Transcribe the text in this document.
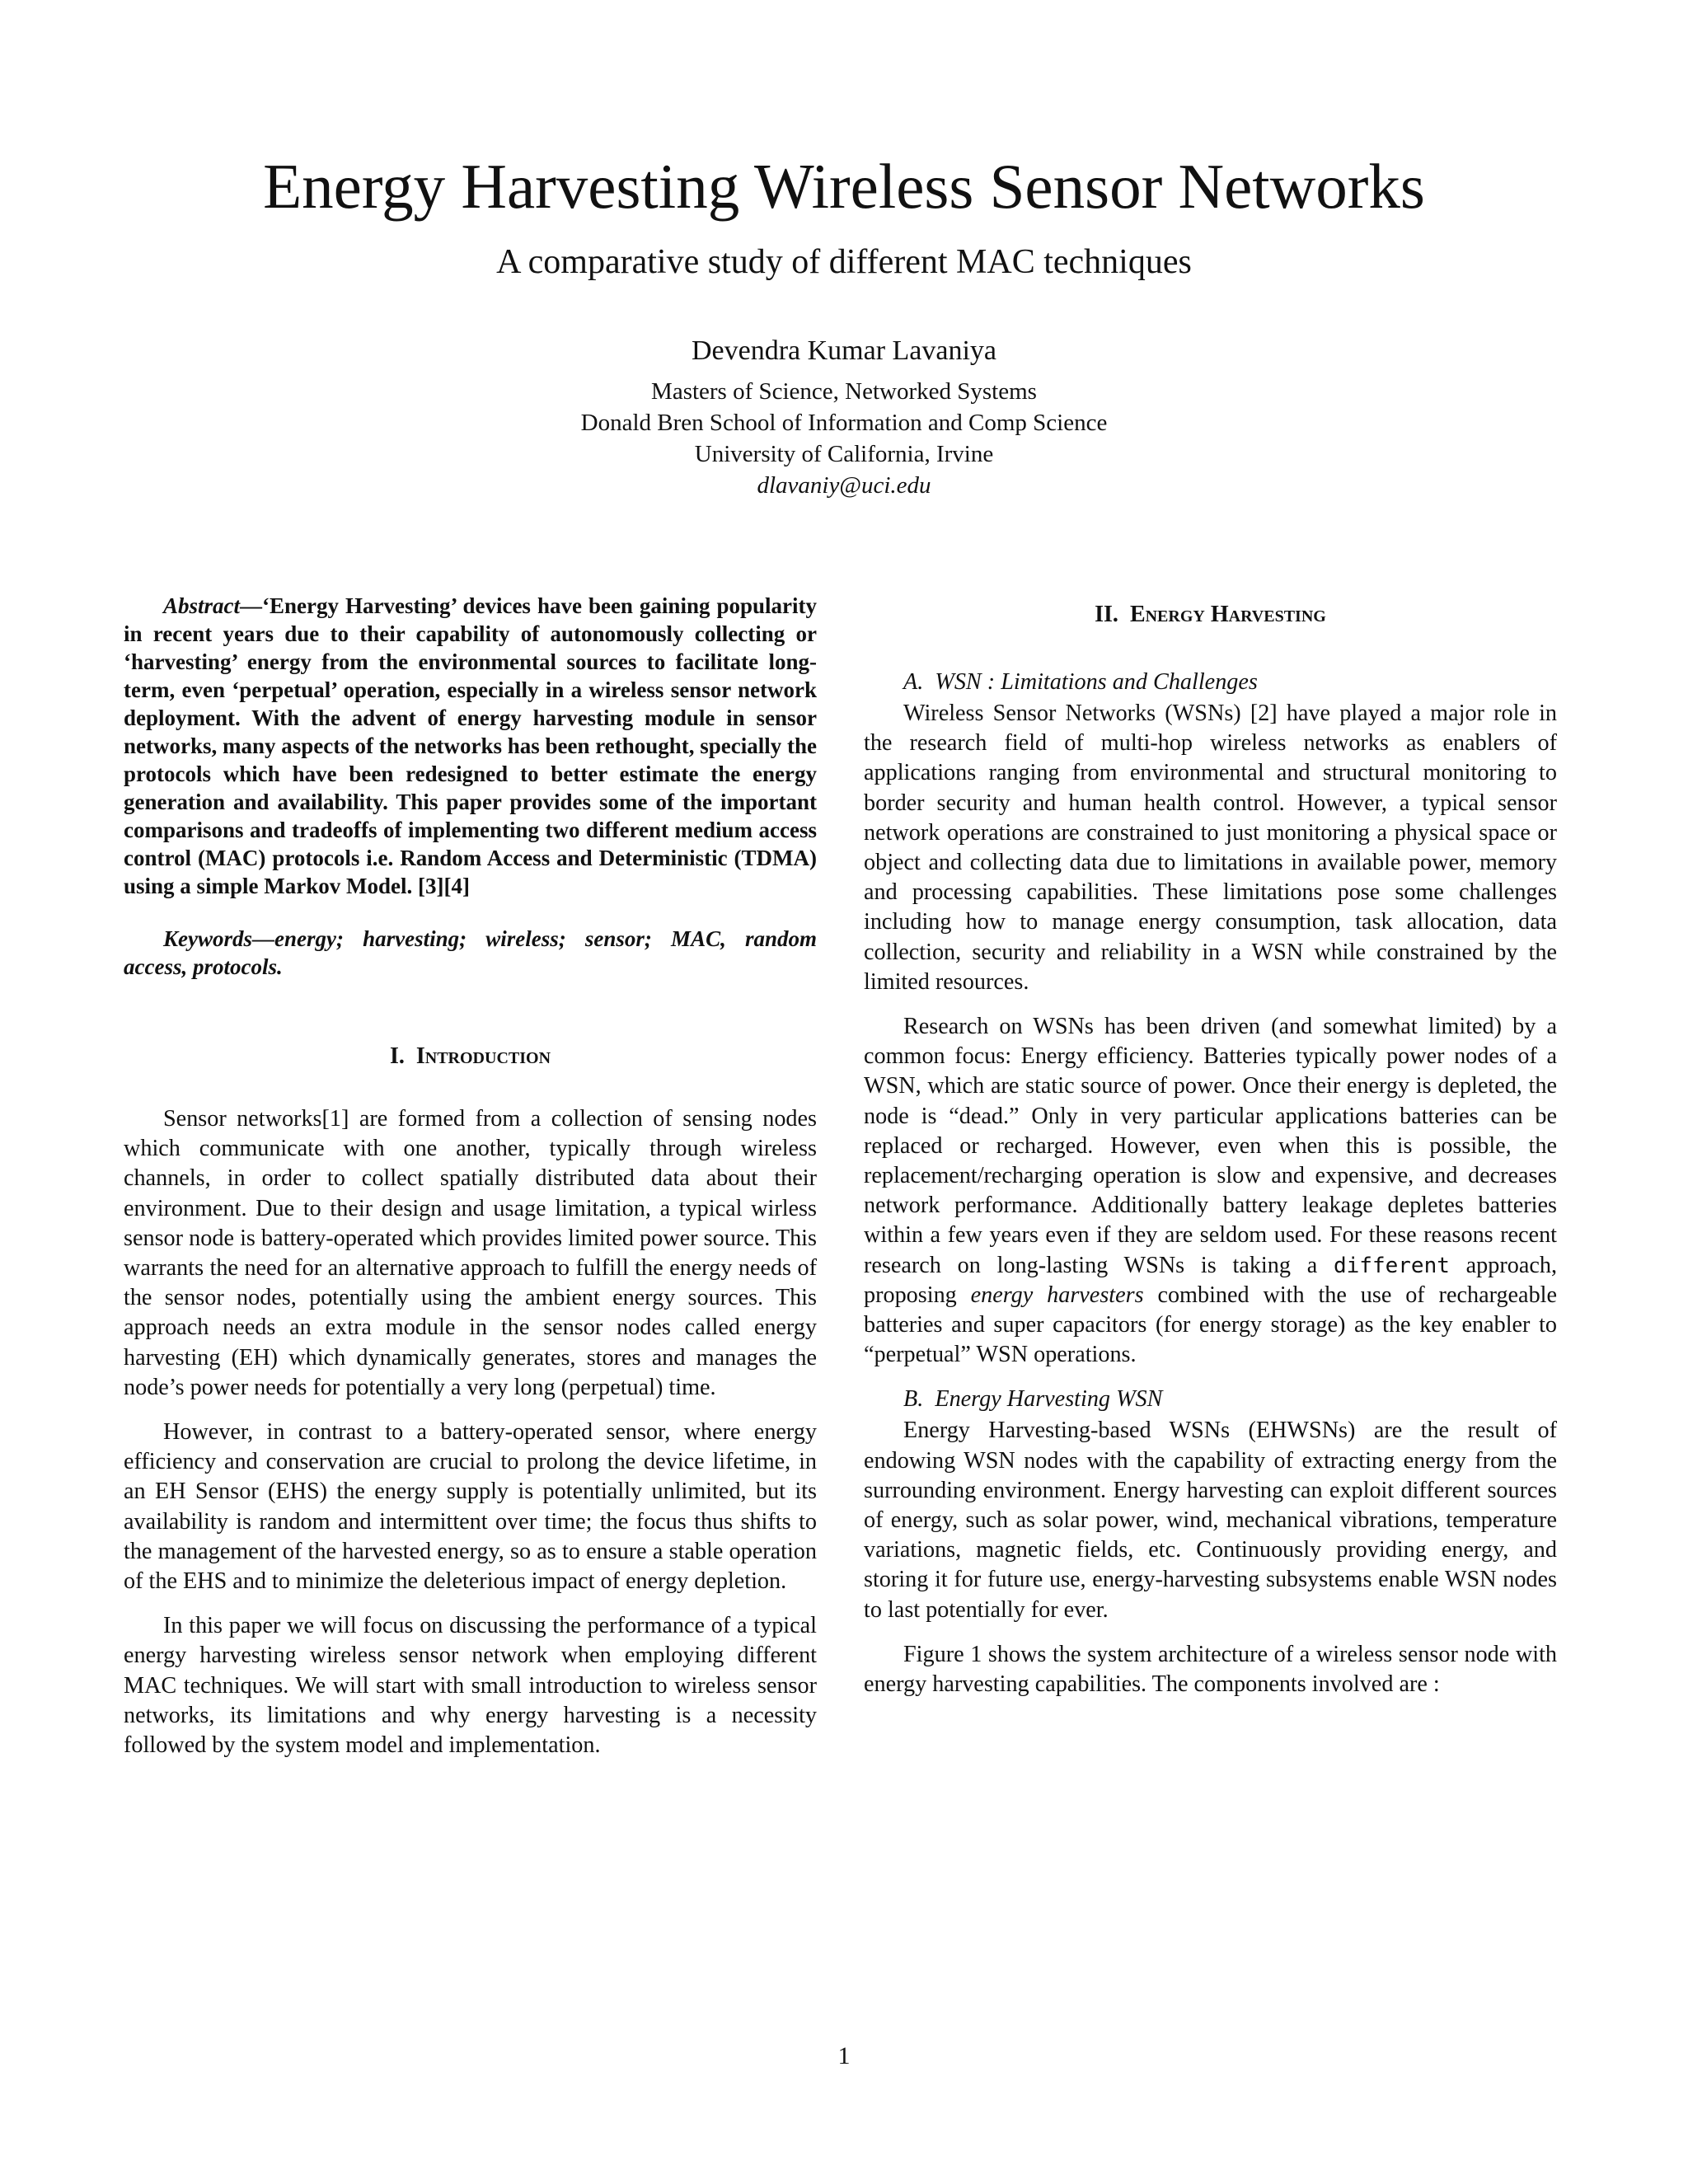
Energy Harvesting Wireless Sensor Networks
A comparative study of different MAC techniques
Devendra Kumar Lavaniya
Masters of Science, Networked Systems
Donald Bren School of Information and Comp Science
University of California, Irvine
dlavaniy@uci.edu

Abstract—‘Energy Harvesting’ devices have been gaining popularity in recent years due to their capability of autonomously collecting or ‘harvesting’ energy from the environmental sources to facilitate long-term, even ‘perpetual’ operation, especially in a wireless sensor network deployment. With the advent of energy harvesting module in sensor networks, many aspects of the networks has been rethought, specially the protocols which have been redesigned to better estimate the energy generation and availability. This paper provides some of the important comparisons and tradeoffs of implementing two different medium access control (MAC) protocols i.e. Random Access and Deterministic (TDMA) using a simple Markov Model. [3][4]

Keywords—energy; harvesting; wireless; sensor; MAC, random access, protocols.

I. Introduction

Sensor networks[1] are formed from a collection of sensing nodes which communicate with one another, typically through wireless channels, in order to collect spatially distributed data about their environment. Due to their design and usage limitation, a typical wirless sensor node is battery-operated which provides limited power source. This warrants the need for an alternative approach to fulfill the energy needs of the sensor nodes, potentially using the ambient energy sources. This approach needs an extra module in the sensor nodes called energy harvesting (EH) which dynamically generates, stores and manages the node’s power needs for potentially a very long (perpetual) time.

However, in contrast to a battery-operated sensor, where energy efficiency and conservation are crucial to prolong the device lifetime, in an EH Sensor (EHS) the energy supply is potentially unlimited, but its availability is random and intermittent over time; the focus thus shifts to the management of the harvested energy, so as to ensure a stable operation of the EHS and to minimize the deleterious impact of energy depletion.

In this paper we will focus on discussing the performance of a typical energy harvesting wireless sensor network when employing different MAC techniques. We will start with small introduction to wireless sensor networks, its limitations and why energy harvesting is a necessity followed by the system model and implementation.

II. Energy Harvesting

A. WSN : Limitations and Challenges

Wireless Sensor Networks (WSNs) [2] have played a major role in the research field of multi-hop wireless networks as enablers of applications ranging from environmental and structural monitoring to border security and human health control. However, a typical sensor network operations are constrained to just monitoring a physical space or object and collecting data due to limitations in available power, memory and processing capabilities. These limitations pose some challenges including how to manage energy consumption, task allocation, data collection, security and reliability in a WSN while constrained by the limited resources.

Research on WSNs has been driven (and somewhat limited) by a common focus: Energy efficiency. Batteries typically power nodes of a WSN, which are static source of power. Once their energy is depleted, the node is “dead.” Only in very particular applications batteries can be replaced or recharged. However, even when this is possible, the replacement/recharging operation is slow and expensive, and decreases network performance. Additionally battery leakage depletes batteries within a few years even if they are seldom used. For these reasons recent research on long-lasting WSNs is taking a different approach, proposing energy harvesters combined with the use of rechargeable batteries and super capacitors (for energy storage) as the key enabler to “perpetual” WSN operations.

B. Energy Harvesting WSN

Energy Harvesting-based WSNs (EHWSNs) are the result of endowing WSN nodes with the capability of extracting energy from the surrounding environment. Energy harvesting can exploit different sources of energy, such as solar power, wind, mechanical vibrations, temperature variations, magnetic fields, etc. Continuously providing energy, and storing it for future use, energy-harvesting subsystems enable WSN nodes to last potentially for ever.

Figure 1 shows the system architecture of a wireless sensor node with energy harvesting capabilities. The components involved are :

1
